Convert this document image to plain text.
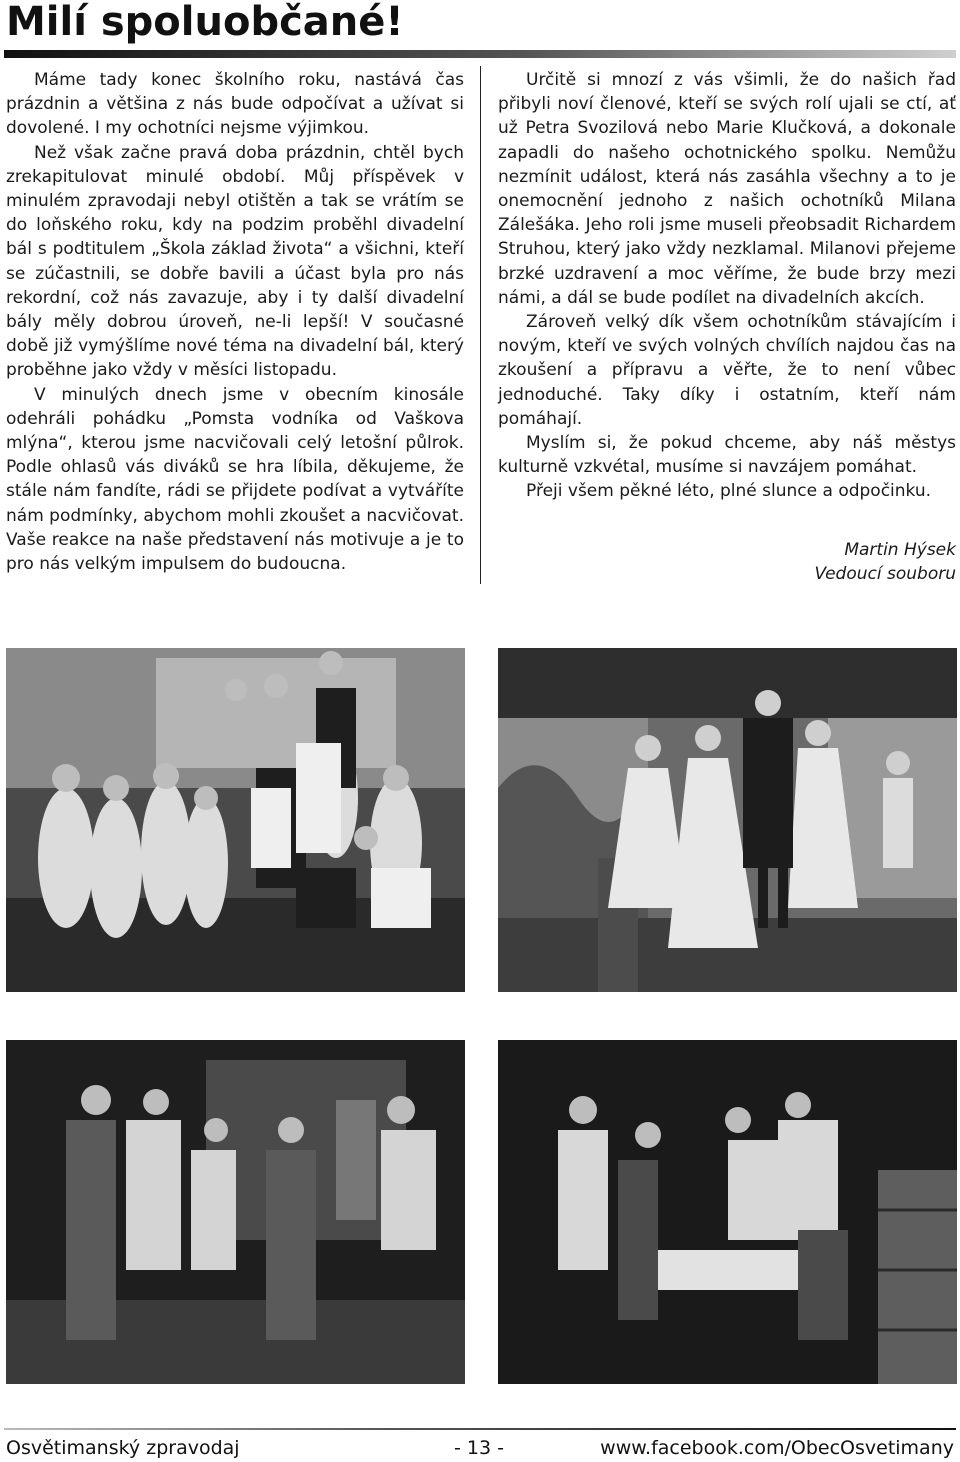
Milí spoluobčané!

Máme tady konec školního roku, nastává čas prázdnin a většina z nás bude odpočívat a užívat si dovolené. I my ochotníci nejsme výjimkou.

Než však začne pravá doba prázdnin, chtěl bych zrekapitulovat minulé období. Můj příspěvek v minulém zpravodaji nebyl otištěn a tak se vrátím se do loňského roku, kdy na podzim proběhl divadelní bál s podtitulem „Škola základ života“ a všichni, kteří se zúčastnili, se dobře bavili a účast byla pro nás rekordní, což nás zavazuje, aby i ty další divadelní bály měly dobrou úroveň, ne-li lepší! V současné době již vymýšlíme nové téma na divadelní bál, který proběhne jako vždy v měsíci listopadu.

V minulých dnech jsme v obecním kinosále odehráli pohádku „Pomsta vodníka od Vaškova mlýna“, kterou jsme nacvičovali celý letošní půlrok. Podle ohlasů vás diváků se hra líbila, děkujeme, že stále nám fandíte, rádi se přijdete podívat a vytváříte nám podmínky, abychom mohli zkoušet a nacvičovat. Vaše reakce na naše představení nás motivuje a je to pro nás velkým impulsem do budoucna.

Určitě si mnozí z vás všimli, že do našich řad přibyli noví členové, kteří se svých rolí ujali se ctí, ať už Petra Svozilová nebo Marie Klučková, a dokonale zapadli do našeho ochotnického spolku. Nemůžu nezmínit událost, která nás zasáhla všechny a to je onemocnění jednoho z našich ochotníků Milana Zálešáka. Jeho roli jsme museli přeobsadit Richardem Struhou, který jako vždy nezklamal. Milanovi přejeme brzké uzdravení a moc věříme, že bude brzy mezi námi, a dál se bude podílet na divadelních akcích.

Zároveň velký dík všem ochotníkům stávajícím i novým, kteří ve svých volných chvílích najdou čas na zkoušení a přípravu a věřte, že to není vůbec jednoduché. Taky díky i ostatním, kteří nám pomáhají.

Myslím si, že pokud chceme, aby náš městys kulturně vzkvétal, musíme si navzájem pomáhat.

Přeji všem pěkné léto, plné slunce a odpočinku.

Martin Hýsek
Vedoucí souboru
Osvětimanský zpravodaj	- 13 -	www.facebook.com/ObecOsvetimany
